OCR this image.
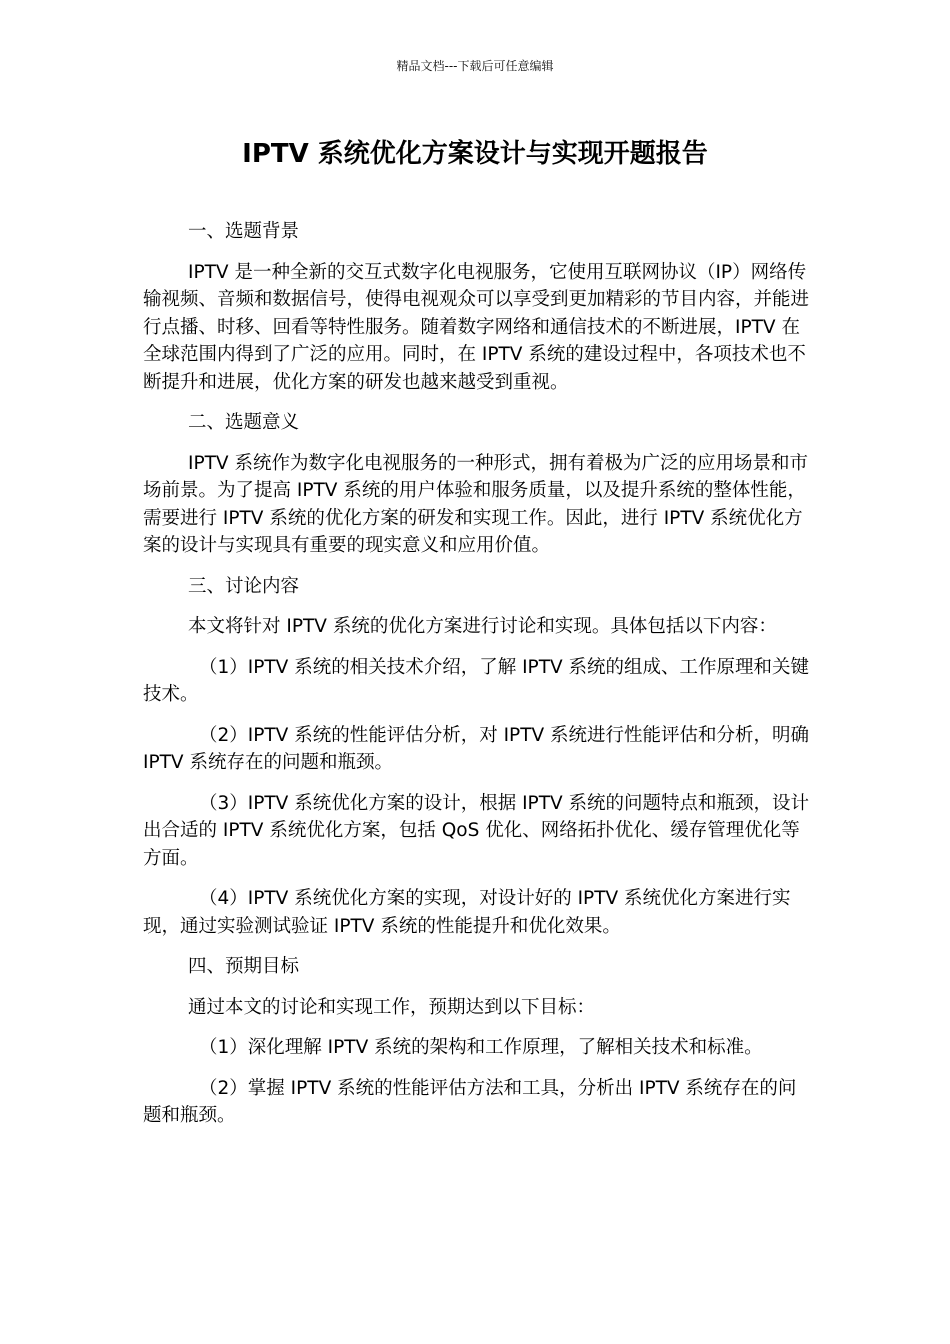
精品文档---下载后可任意编辑
IPTV 系统优化方案设计与实现开题报告

一、选题背景

IPTV 是一种全新的交互式数字化电视服务，它使用互联网协议（IP）网络传输视频、音频和数据信号，使得电视观众可以享受到更加精彩的节目内容，并能进行点播、时移、回看等特性服务。随着数字网络和通信技术的不断进展，IPTV 在全球范围内得到了广泛的应用。同时，在 IPTV 系统的建设过程中，各项技术也不断提升和进展，优化方案的研发也越来越受到重视。

二、选题意义

IPTV 系统作为数字化电视服务的一种形式，拥有着极为广泛的应用场景和市场前景。为了提高 IPTV 系统的用户体验和服务质量，以及提升系统的整体性能，需要进行 IPTV 系统的优化方案的研发和实现工作。因此，进行 IPTV 系统优化方案的设计与实现具有重要的现实意义和应用价值。

三、讨论内容

本文将针对 IPTV 系统的优化方案进行讨论和实现。具体包括以下内容：

（1）IPTV 系统的相关技术介绍，了解 IPTV 系统的组成、工作原理和关键技术。

（2）IPTV 系统的性能评估分析，对 IPTV 系统进行性能评估和分析，明确 IPTV 系统存在的问题和瓶颈。

（3）IPTV 系统优化方案的设计，根据 IPTV 系统的问题特点和瓶颈，设计出合适的 IPTV 系统优化方案，包括 QoS 优化、网络拓扑优化、缓存管理优化等方面。

（4）IPTV 系统优化方案的实现，对设计好的 IPTV 系统优化方案进行实现，通过实验测试验证 IPTV 系统的性能提升和优化效果。

四、预期目标

通过本文的讨论和实现工作，预期达到以下目标：

（1）深化理解 IPTV 系统的架构和工作原理，了解相关技术和标准。

（2）掌握 IPTV 系统的性能评估方法和工具，分析出 IPTV 系统存在的问题和瓶颈。
